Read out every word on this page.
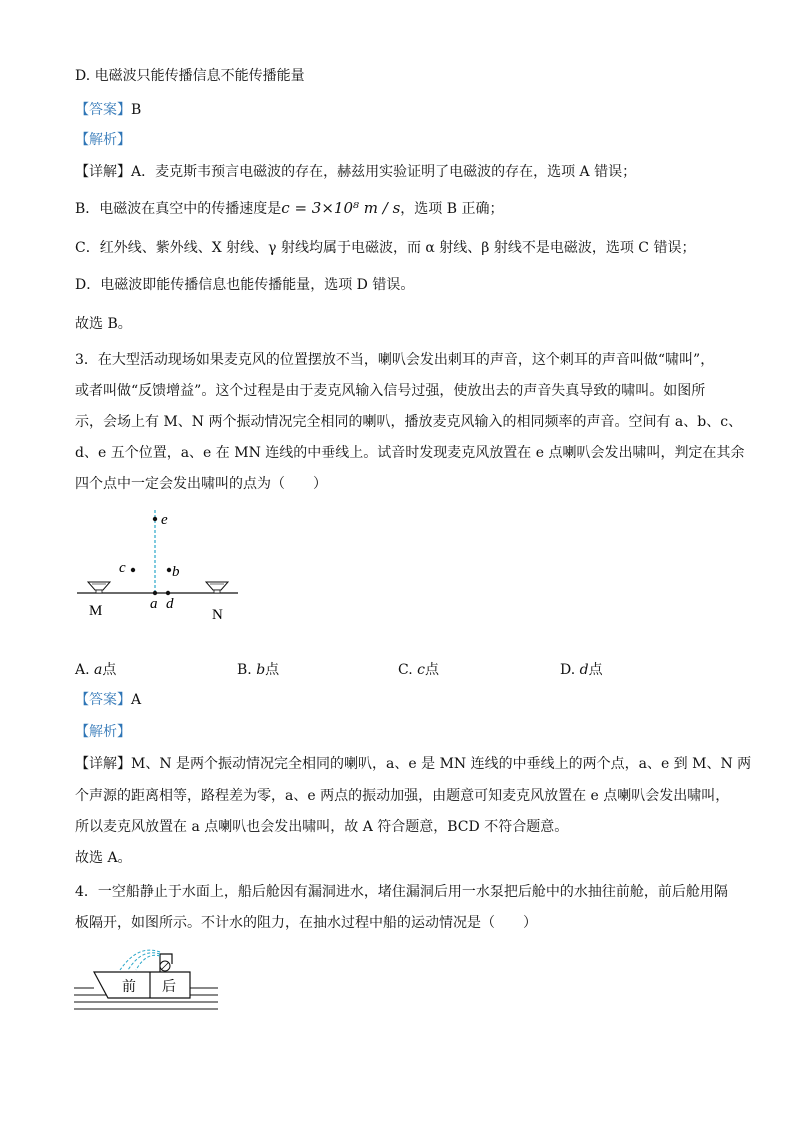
D. 电磁波只能传播信息不能传播能量
【答案】B
【解析】
【详解】A．麦克斯韦预言电磁波的存在，赫兹用实验证明了电磁波的存在，选项 A 错误；
B．电磁波在真空中的传播速度是c = 3×10⁸ m / s，选项 B 正确；
C．红外线、紫外线、X 射线、γ 射线均属于电磁波，而 α 射线、β 射线不是电磁波，选项 C 错误；
D．电磁波即能传播信息也能传播能量，选项 D 错误。
故选 B。
3．在大型活动现场如果麦克风的位置摆放不当，喇叭会发出刺耳的声音，这个刺耳的声音叫做“啸叫”，
或者叫做“反馈增益”。这个过程是由于麦克风输入信号过强，使放出去的声音失真导致的啸叫。如图所
示，会场上有 M、N 两个振动情况完全相同的喇叭，播放麦克风输入的相同频率的声音。空间有 a、b、c、
d、e 五个位置，a、e 在 MN 连线的中垂线上。试音时发现麦克风放置在 e 点喇叭会发出啸叫，判定在其余
四个点中一定会发出啸叫的点为（　　）
e
c	b
a d
M	N
A. a点	B. b点	C. c点	D. d点
【答案】A
【解析】
【详解】M、N 是两个振动情况完全相同的喇叭，a、e 是 MN 连线的中垂线上的两个点，a、e 到 M、N 两
个声源的距离相等，路程差为零，a、e 两点的振动加强，由题意可知麦克风放置在 e 点喇叭会发出啸叫，
所以麦克风放置在 a 点喇叭也会发出啸叫，故 A 符合题意，BCD 不符合题意。
故选 A。
4．一空船静止于水面上，船后舱因有漏洞进水，堵住漏洞后用一水泵把后舱中的水抽往前舱，前后舱用隔
板隔开，如图所示。不计水的阻力，在抽水过程中船的运动情况是（　　）
前 后
